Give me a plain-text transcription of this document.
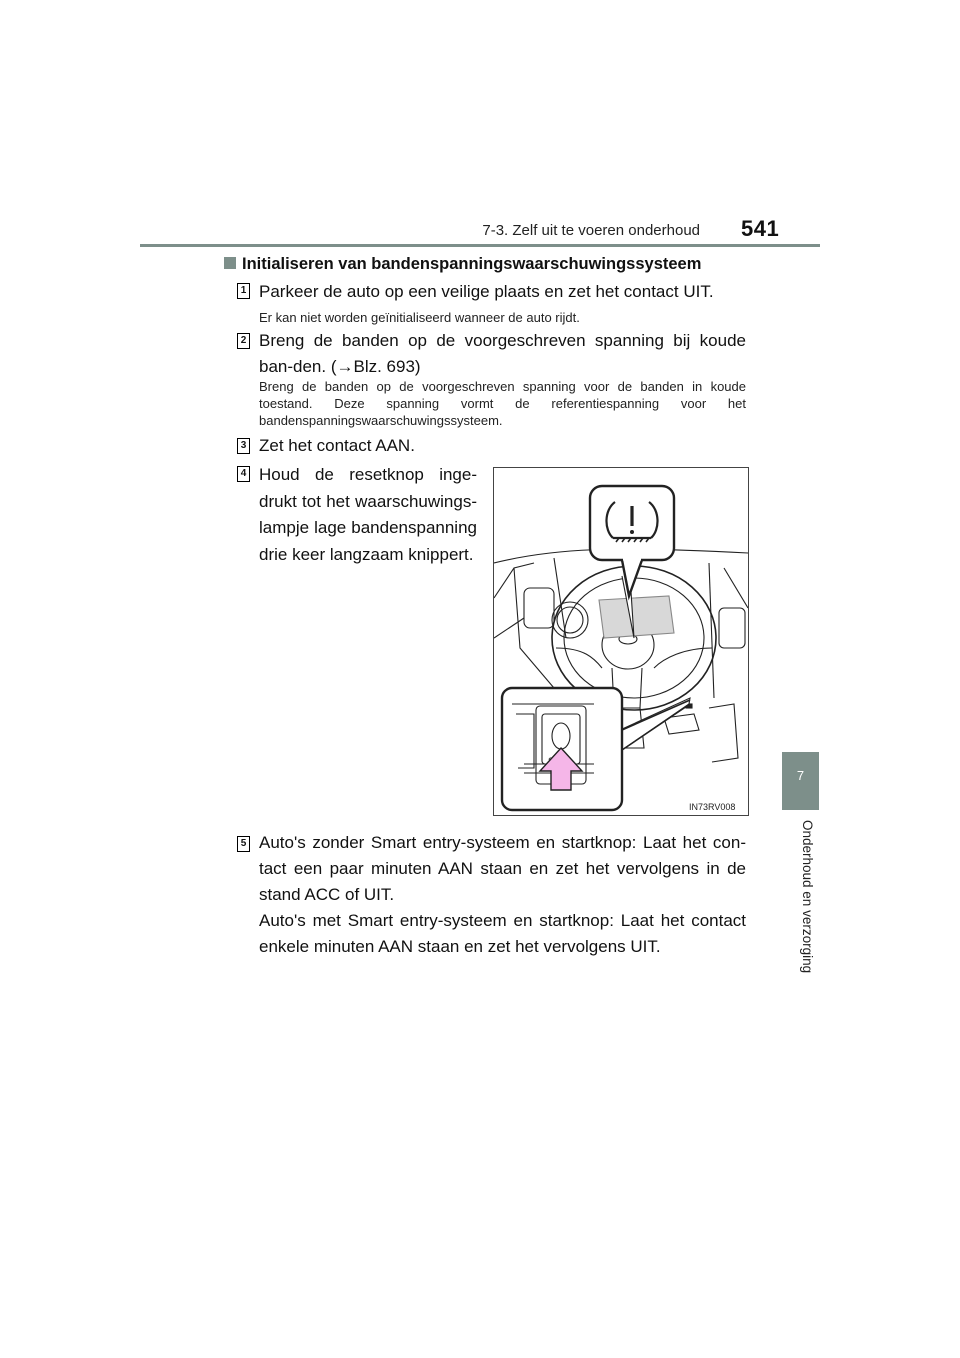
7-3. Zelf uit te voeren onderhoud 541
7
Onderhoud en verzorging
Initialiseren van bandenspanningswaarschuwingssysteem
1 Parkeer de auto op een veilige plaats en zet het contact UIT.
Er kan niet worden geïnitialiseerd wanneer de auto rijdt.
2 Breng de banden op de voorgeschreven spanning bij koude ban-den. (→Blz. 693)
Breng de banden op de voorgeschreven spanning voor de banden in koude toestand. Deze spanning vormt de referentiespanning voor het bandenspanningswaarschuwingssysteem.
3 Zet het contact AAN.
4 Houd de resetknop inge-drukt tot het waarschuwings-lampje lage bandenspanning drie keer langzaam knippert.
IN73RV008
5 Auto's zonder Smart entry-systeem en startknop: Laat het con-tact een paar minuten AAN staan en zet het vervolgens in de stand ACC of UIT.
Auto's met Smart entry-systeem en startknop: Laat het contact enkele minuten AAN staan en zet het vervolgens UIT.
